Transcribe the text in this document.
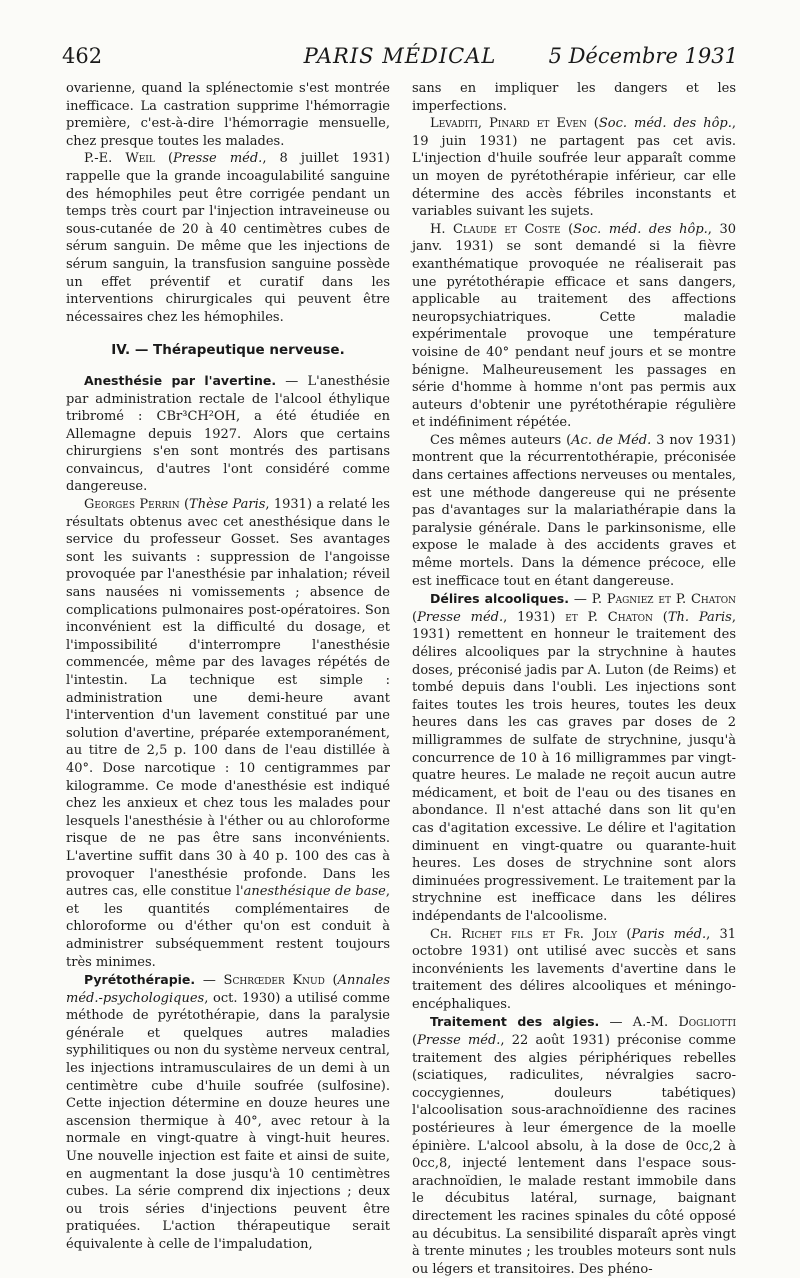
462	PARIS MÉDICAL	5 Décembre 1931

ovarienne, quand la splénectomie s'est montrée inefficace. La castration supprime l'hémorragie première, c'est-à-dire l'hémorragie mensuelle, chez presque toutes les malades.

P.-E. Weil (Presse méd., 8 juillet 1931) rappelle que la grande incoagulabilité sanguine des hémophiles peut être corrigée pendant un temps très court par l'injection intraveineuse ou sous-cutanée de 20 à 40 centimètres cubes de sérum sanguin. De même que les injections de sérum sanguin, la transfusion sanguine possède un effet préventif et curatif dans les interventions chirurgicales qui peuvent être nécessaires chez les hémophiles.

IV. — Thérapeutique nerveuse.

Anesthésie par l'avertine. — L'anesthésie par administration rectale de l'alcool éthylique tribromé : CBr³CH²OH, a été étudiée en Allemagne depuis 1927. Alors que certains chirurgiens s'en sont montrés des partisans convaincus, d'autres l'ont considéré comme dangereuse.

Georges Perrin (Thèse Paris, 1931) a relaté les résultats obtenus avec cet anesthésique dans le service du professeur Gosset. Ses avantages sont les suivants : suppression de l'angoisse provoquée par l'anesthésie par inhalation; réveil sans nausées ni vomissements ; absence de complications pulmonaires post-opératoires. Son inconvénient est la difficulté du dosage, et l'impossibilité d'interrompre l'anesthésie commencée, même par des lavages répétés de l'intestin. La technique est simple : administration une demi-heure avant l'intervention d'un lavement constitué par une solution d'avertine, préparée extemporanément, au titre de 2,5 p. 100 dans de l'eau distillée à 40°. Dose narcotique : 10 centigrammes par kilogramme. Ce mode d'anesthésie est indiqué chez les anxieux et chez tous les malades pour lesquels l'anesthésie à l'éther ou au chloroforme risque de ne pas être sans inconvénients. L'avertine suffit dans 30 à 40 p. 100 des cas à provoquer l'anesthésie profonde. Dans les autres cas, elle constitue l'anesthésique de base, et les quantités complémentaires de chloroforme ou d'éther qu'on est conduit à administrer subséquemment restent toujours très minimes.

Pyrétothérapie. — Schrœder Knud (Annales méd.-psychologiques, oct. 1930) a utilisé comme méthode de pyrétothérapie, dans la paralysie générale et quelques autres maladies syphilitiques ou non du système nerveux central, les injections intramusculaires de un demi à un centimètre cube d'huile soufrée (sulfosine). Cette injection détermine en douze heures une ascension thermique à 40°, avec retour à la normale en vingt-quatre à vingt-huit heures. Une nouvelle injection est faite et ainsi de suite, en augmentant la dose jusqu'à 10 centimètres cubes. La série comprend dix injections ; deux ou trois séries d'injections peuvent être pratiquées. L'action thérapeutique serait équivalente à celle de l'impaludation,

sans en impliquer les dangers et les imperfections.

Levaditi, Pinard et Even (Soc. méd. des hôp., 19 juin 1931) ne partagent pas cet avis. L'injection d'huile soufrée leur apparaît comme un moyen de pyrétothérapie inférieur, car elle détermine des accès fébriles inconstants et variables suivant les sujets.

H. Claude et Coste (Soc. méd. des hôp., 30 janv. 1931) se sont demandé si la fièvre exanthématique provoquée ne réaliserait pas une pyrétothérapie efficace et sans dangers, applicable au traitement des affections neuropsychiatriques. Cette maladie expérimentale provoque une température voisine de 40° pendant neuf jours et se montre bénigne. Malheureusement les passages en série d'homme à homme n'ont pas permis aux auteurs d'obtenir une pyrétothérapie régulière et indéfiniment répétée.

Ces mêmes auteurs (Ac. de Méd. 3 nov 1931) montrent que la récurrentothérapie, préconisée dans certaines affections nerveuses ou mentales, est une méthode dangereuse qui ne présente pas d'avantages sur la malariathérapie dans la paralysie générale. Dans le parkinsonisme, elle expose le malade à des accidents graves et même mortels. Dans la démence précoce, elle est inefficace tout en étant dangereuse.

Délires alcooliques. — P. Pagniez et P. Chaton (Presse méd., 1931) et P. Chaton (Th. Paris, 1931) remettent en honneur le traitement des délires alcooliques par la strychnine à hautes doses, préconisé jadis par A. Luton (de Reims) et tombé depuis dans l'oubli. Les injections sont faites toutes les trois heures, toutes les deux heures dans les cas graves par doses de 2 milligrammes de sulfate de strychnine, jusqu'à concurrence de 10 à 16 milligrammes par vingt-quatre heures. Le malade ne reçoit aucun autre médicament, et boit de l'eau ou des tisanes en abondance. Il n'est attaché dans son lit qu'en cas d'agitation excessive. Le délire et l'agitation diminuent en vingt-quatre ou quarante-huit heures. Les doses de strychnine sont alors diminuées progressivement. Le traitement par la strychnine est inefficace dans les délires indépendants de l'alcoolisme.

Ch. Richet fils et Fr. Joly (Paris méd., 31 octobre 1931) ont utilisé avec succès et sans inconvénients les lavements d'avertine dans le traitement des délires alcooliques et méningo-encéphaliques.

Traitement des algies. — A.-M. Dogliotti (Presse méd., 22 août 1931) préconise comme traitement des algies périphériques rebelles (sciatiques, radiculites, névralgies sacro-coccygiennes, douleurs tabétiques) l'alcoolisation sous-arachnoïdienne des racines postérieures à leur émergence de la moelle épinière. L'alcool absolu, à la dose de 0cc,2 à 0cc,8, injecté lentement dans l'espace sous-arachnoïdien, le malade restant immobile dans le décubitus latéral, surnage, baignant directement les racines spinales du côté opposé au décubitus. La sensibilité disparaît après vingt à trente minutes ; les troubles moteurs sont nuls ou légers et transitoires. Des phéno-
